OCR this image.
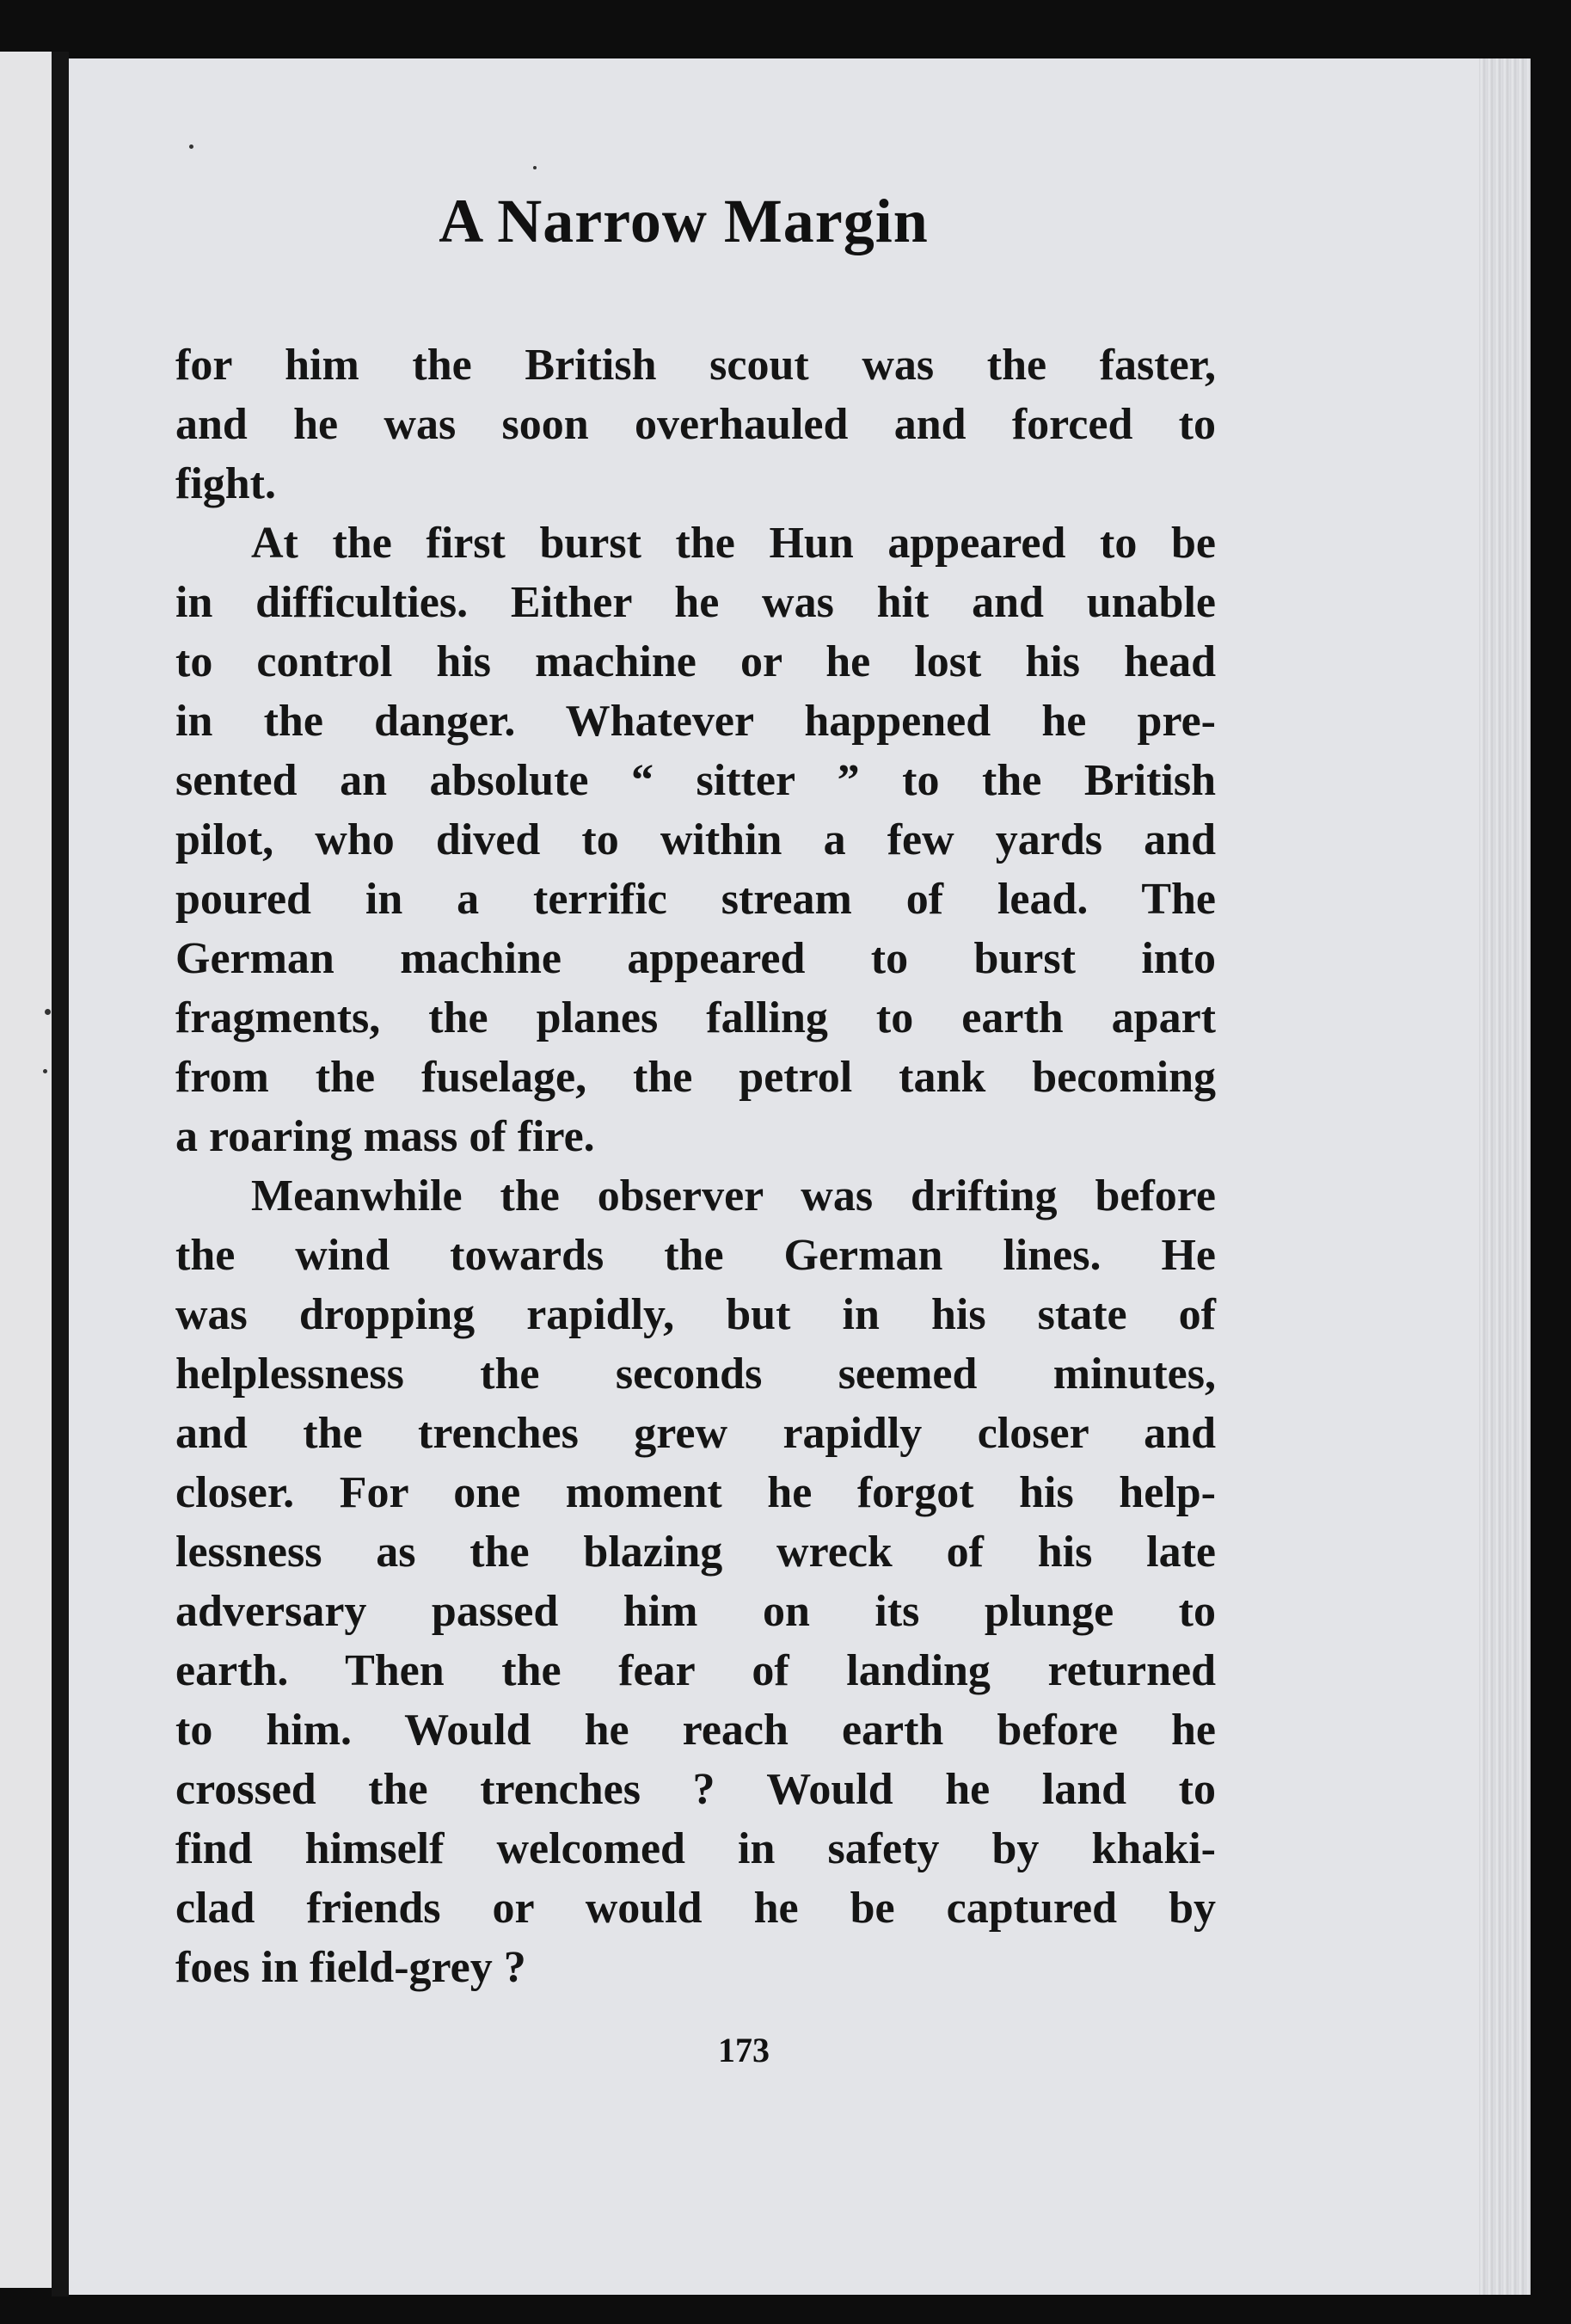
A Narrow Margin

for him the British scout was the faster,
and he was soon overhauled and forced to
fight.

At the first burst the Hun appeared to be
in difficulties. Either he was hit and unable
to control his machine or he lost his head
in the danger. Whatever happened he pre-
sented an absolute “ sitter ” to the British
pilot, who dived to within a few yards and
poured in a terrific stream of lead. The
German machine appeared to burst into
fragments, the planes falling to earth apart
from the fuselage, the petrol tank becoming
a roaring mass of fire.

Meanwhile the observer was drifting before
the wind towards the German lines. He
was dropping rapidly, but in his state of
helplessness the seconds seemed minutes,
and the trenches grew rapidly closer and
closer. For one moment he forgot his help-
lessness as the blazing wreck of his late
adversary passed him on its plunge to
earth. Then the fear of landing returned
to him. Would he reach earth before he
crossed the trenches ? Would he land to
find himself welcomed in safety by khaki-
clad friends or would he be captured by
foes in field-grey ?

173
